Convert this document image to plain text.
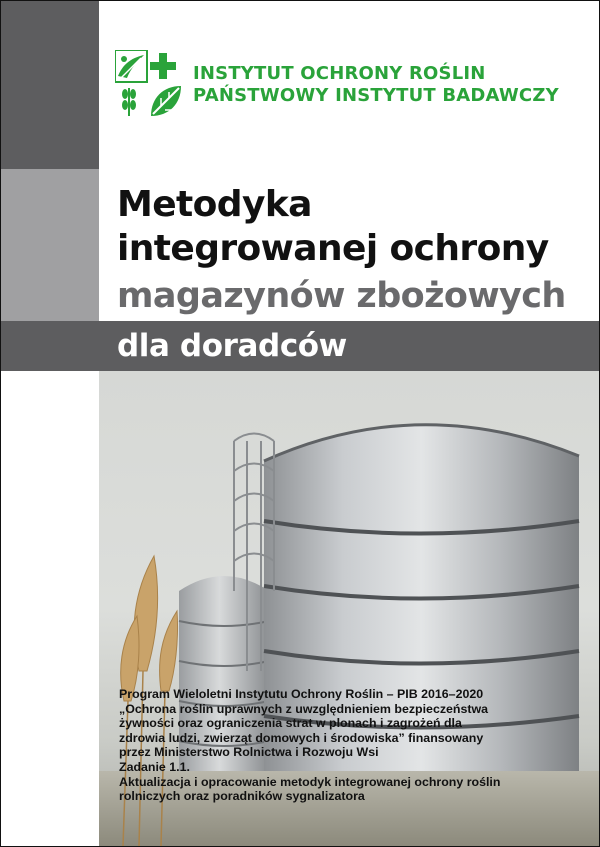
INSTYTUT OCHRONY ROŚLIN
PAŃSTWOWY INSTYTUT BADAWCZY
Metodyka
integrowanej ochrony
magazynów zbożowych
dla doradców
Program Wieloletni Instytutu Ochrony Roślin – PIB 2016–2020
„Ochrona roślin uprawnych z uwzględnieniem bezpieczeństwa
żywności oraz ograniczenia strat w plonach i zagrożeń dla
zdrowia ludzi, zwierząt domowych i środowiska” finansowany
przez Ministerstwo Rolnictwa i Rozwoju Wsi
Zadanie 1.1.
Aktualizacja i opracowanie metodyk integrowanej ochrony roślin
rolniczych oraz poradników sygnalizatora
